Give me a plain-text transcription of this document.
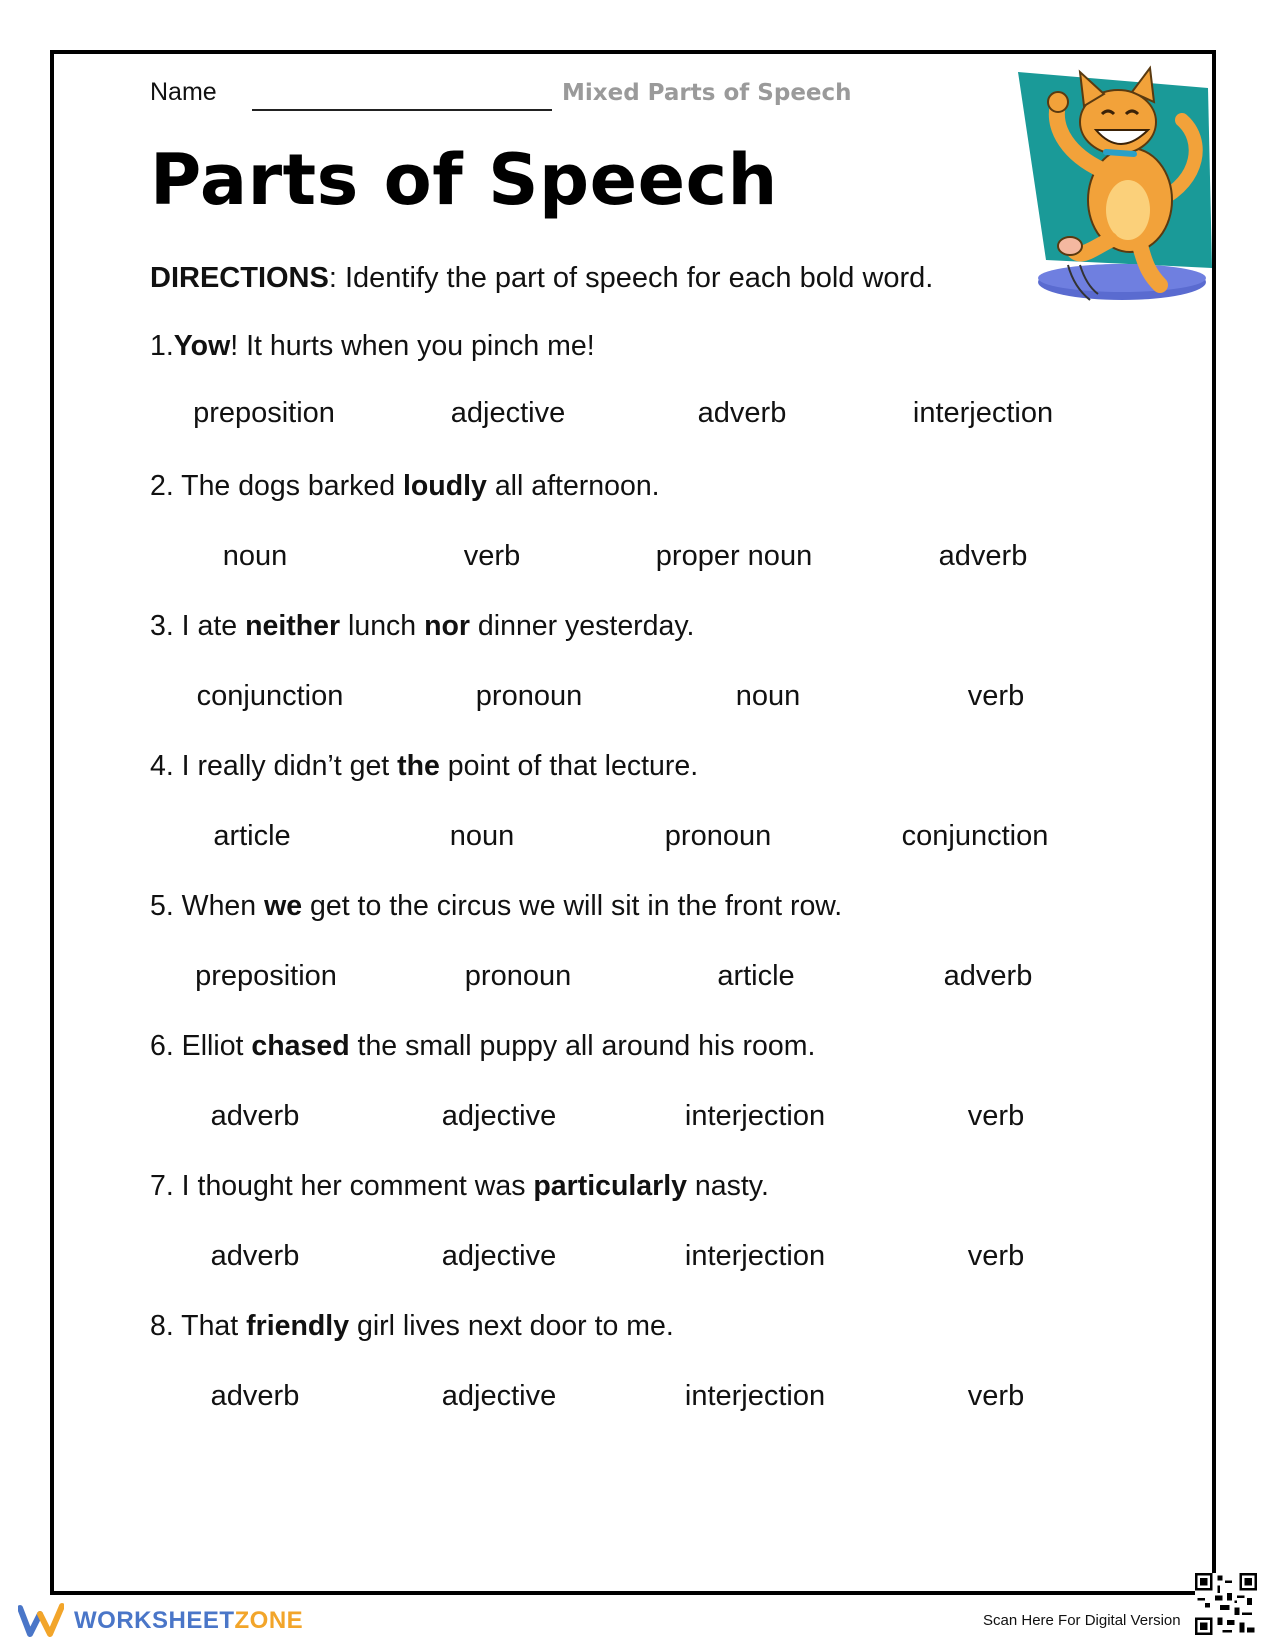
Name	Mixed Parts of Speech
Parts of Speech
DIRECTIONS: Identify the part of speech for each bold word.
1.Yow! It hurts when you pinch me!
preposition	adjective	adverb	interjection
2. The dogs barked loudly all afternoon.
noun	verb	proper noun	adverb
3. I ate neither lunch nor dinner yesterday.
conjunction	pronoun	noun	verb
4. I really didn’t get the point of that lecture.
article	noun	pronoun	conjunction
5. When we get to the circus we will sit in the front row.
preposition	pronoun	article	adverb
6. Elliot chased the small puppy all around his room.
adverb	adjective	interjection	verb
7. I thought her comment was particularly nasty.
adverb	adjective	interjection	verb
8. That friendly girl lives next door to me.
adverb	adjective	interjection	verb
WORKSHEETZONE	Scan Here For Digital Version
